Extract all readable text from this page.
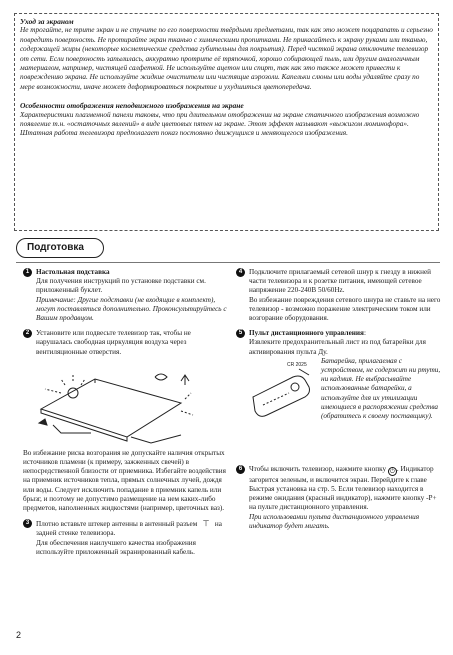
Уход за экраном

Не трогайте, не трите экран и не стучите по его поверхности твёрдыми предметами, так как это может поцарапать и серьезно повредить поверхность. Не протирайте экран тканью с химическими пропитками. Не прикасайтесь к экрану руками или тканью, содержащей жиры (некоторые косметические средства губительны для покрытия). Перед чисткой экрана отключите телевизор от сети. Если поверхность запылилась, аккуратно протрите её тряпочкой, хорошо собирающей пыль, или другим аналогичным материалом, например, чистящей салфеткой. Не используйте ацетон или спирт, так как это также может привести к повреждению экрана. Не используйте жидкие очистители или чистящие аэрозоли. Капельки слюны или воды удаляйте сразу по мере возможности, иначе может деформироваться покрытие и ухудшиться цветопередача.

Особенности отображения неподвижного изображения на экране

Характеристики плазменной панели таковы, что при длительном отображении на экране статичного изображения возможно появление т.н. «остаточных явлений» в виде цветовых пятен на экране. Этот эффект называют «выжигом люминофора». Штатная работа телевизора предполагает показ постоянно движущихся и меняющегося изображения.

Подготовка
1 Настольная подставка
Для получения инструкций по установке подставки см. приложенный буклет.
Примечание: Другие подставки (не входящие в комплект), могут поставляться дополнительно. Проконсультируйтесь с Вашим продавцом.
2 Установите или подвесьте телевизор так, чтобы не нарушалась свободная циркуляция воздуха через вентиляционные отверстия.
Во избежание риска возгорания не допускайте наличия открытых источников пламени (к примеру, зажженных свечей) в непосредственной близости от приемника. Избегайте воздействия на приемник источников тепла, прямых солнечных лучей, дождя или воды. Следует исключить попадание в приемник капель или брызг, и поэтому не допустимо размещение на нем каких-либо предметов, наполненных жидкостями (например, цветочных ваз).
3 Плотно вставьте штекер антенны в антенный разъем ⊤ на задней стенке телевизора.
Для обеспечения наилучшего качества изображения используйте приложенный экранированный кабель.
4 Подключите прилагаемый сетевой шнур к гнезду в нижней части телевизора и к розетке питания, имеющей сетевое напряжение 220-240В 50/60Hz.
Во избежание повреждения сетевого шнура не ставьте на него телевизор - возможно поражение электрическим током или возгорание оборудования.
5 Пульт дистанционного управления:
Извлеките предохранительный лист из под батарейки для активирования пульта Ду.
CR 2025 Батарейка, прилагаемая с устройством, не содержит ни ртути, ни кадмия. Не выбрасывайте использованные батарейки, а используйте для их утилизации имеющиеся в распоряжении средства (обратитесь к своему поставщику).
6 Чтобы включить телевизор, нажмите кнопку ⏻ . Индикатор загорится зеленым, и включится экран. Перейдите к главе Быстрая установка на стр. 5. Если телевизор находится в режиме ожидания (красный индикатор), нажмите кнопку -P+ на пульте дистанционного управления.
При использовании пульта дистанционного управления индикатор будет мигать.
2
